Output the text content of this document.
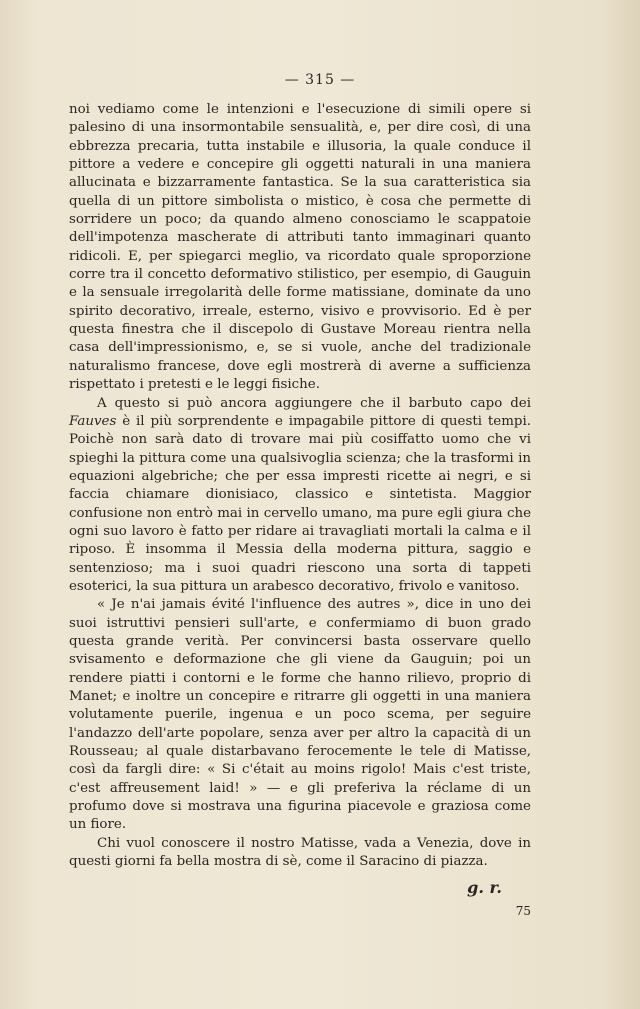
— 315 —

noi vediamo come le intenzioni e l'esecuzione di simili opere si palesino di una insormontabile sensualità, e, per dire così, di una ebbrezza precaria, tutta instabile e illusoria, la quale conduce il pittore a vedere e concepire gli oggetti naturali in una maniera allucinata e bizzarramente fantastica. Se la sua caratteristica sia quella di un pittore simbolista o mistico, è cosa che permette di sorridere un poco; da quando almeno conosciamo le scappatoie dell'impotenza mascherate di attributi tanto immaginari quanto ridicoli. E, per spiegarci meglio, va ricordato quale sproporzione corre tra il concetto deformativo stilistico, per esempio, di Gauguin e la sensuale irregolarità delle forme matissiane, dominate da uno spirito decorativo, irreale, esterno, visivo e provvisorio. Ed è per questa finestra che il discepolo di Gustave Moreau rientra nella casa dell'impressionismo, e, se si vuole, anche del tradizionale naturalismo francese, dove egli mostrerà di averne a sufficienza rispettato i pretesti e le leggi fisiche.

A questo si può ancora aggiungere che il barbuto capo dei Fauves è il più sorprendente e impagabile pittore di questi tempi. Poichè non sarà dato di trovare mai più cosiffatto uomo che vi spieghi la pittura come una qualsivoglia scienza; che la trasformi in equazioni algebriche; che per essa impresti ricette ai negri, e si faccia chiamare dionisiaco, classico e sintetista. Maggior confusione non entrò mai in cervello umano, ma pure egli giura che ogni suo lavoro è fatto per ridare ai travagliati mortali la calma e il riposo. È insomma il Messia della moderna pittura, saggio e sentenzioso; ma i suoi quadri riescono una sorta di tappeti esoterici, la sua pittura un arabesco decorativo, frivolo e vanitoso.

« Je n'ai jamais évité l'influence des autres », dice in uno dei suoi istruttivi pensieri sull'arte, e confermiamo di buon grado questa grande verità. Per convincersi basta osservare quello svisamento e deformazione che gli viene da Gauguin; poi un rendere piatti i contorni e le forme che hanno rilievo, proprio di Manet; e inoltre un concepire e ritrarre gli oggetti in una maniera volutamente puerile, ingenua e un poco scema, per seguire l'andazzo dell'arte popolare, senza aver per altro la capacità di un Rousseau; al quale distarbavano ferocemente le tele di Matisse, così da fargli dire: « Si c'était au moins rigolo! Mais c'est triste, c'est affreusement laid! » — e gli preferiva la réclame di un profumo dove si mostrava una figurina piacevole e graziosa come un fiore.

Chi vuol conoscere il nostro Matisse, vada a Venezia, dove in questi giorni fa bella mostra di sè, come il Saracino di piazza.

g. r.
75
